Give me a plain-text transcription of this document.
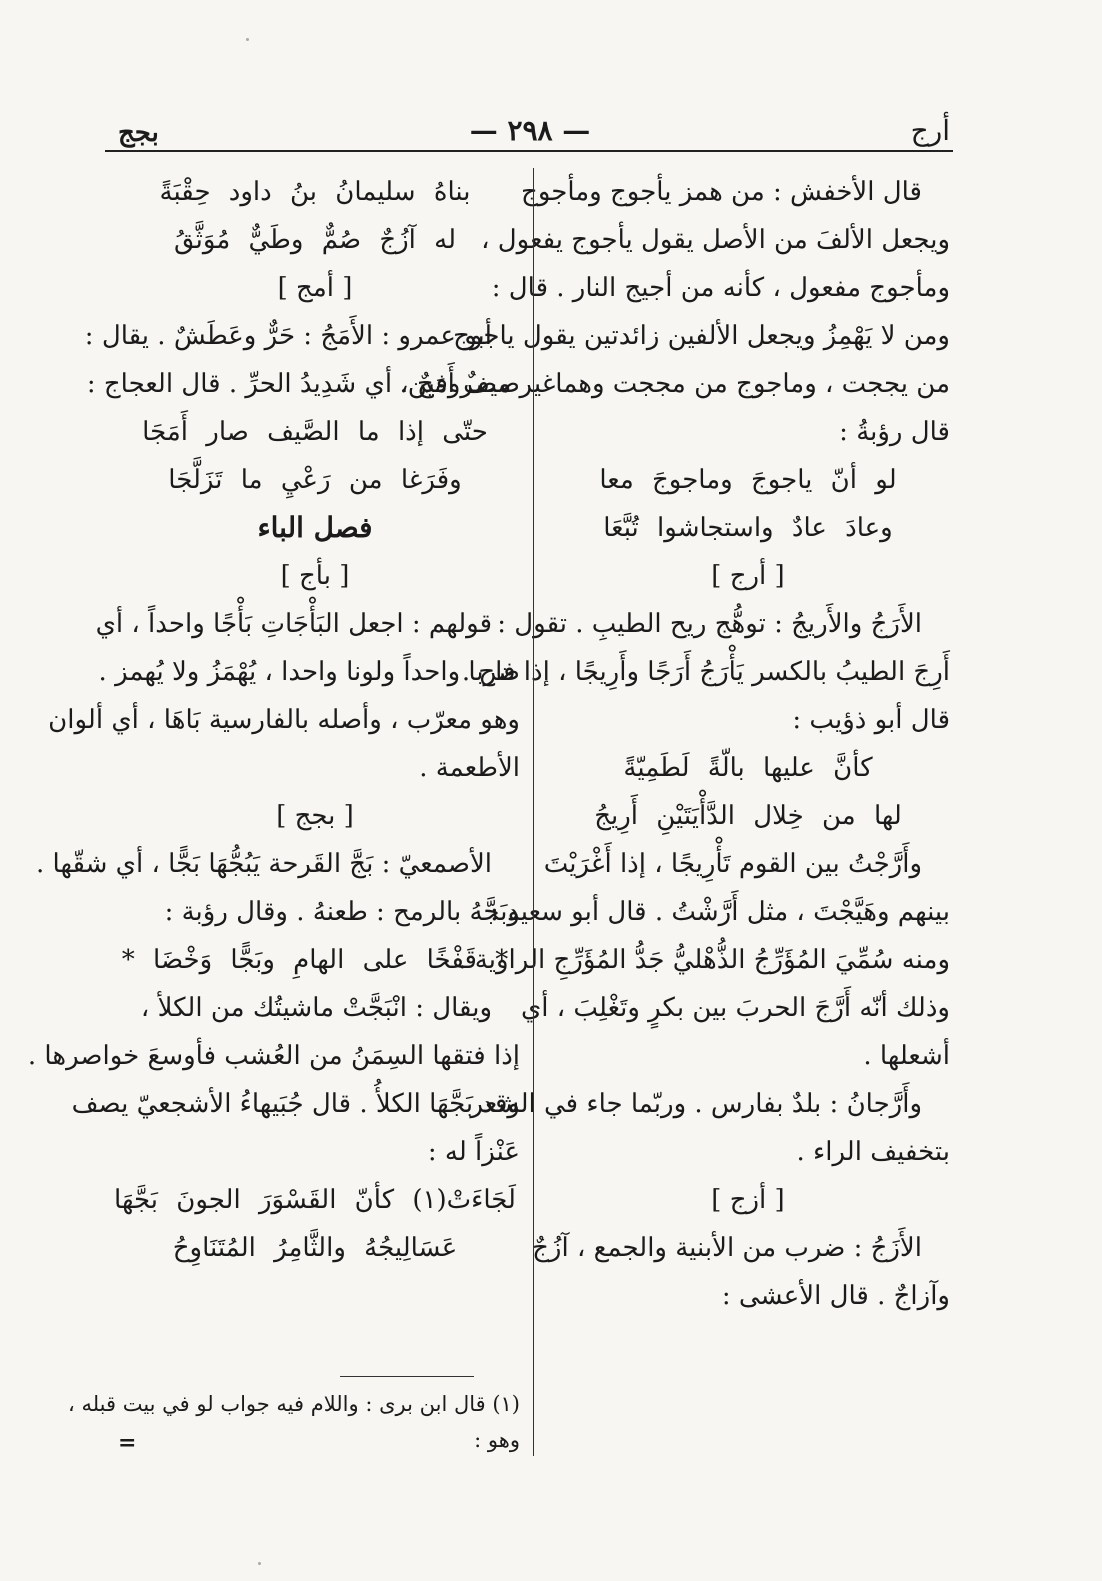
أرج
— ٢٩٨ —
بجج
قال الأخفش : من همز يأجوج ومأجوج
ويجعل الألفَ من الأصل يقول يأجوج يفعول ،
ومأجوج مفعول ، كأنه من أجيج النار . قال :
ومن لا يَهْمِزُ ويجعل الألفين زائدتين يقول ياجوج
من يججت ، وماجوج من مججت وهماغير مصروفين.
قال رؤبةُ :
لو أنّ ياجوجَ وماجوجَ معا
وعادَ عادٌ واستجاشوا تُبَّعَا
[ أرج ]
الأَرَجُ والأَريجُ : توهُّج ريح الطيبِ . تقول :
أَرِجَ الطيبُ بالكسر يَأْرَجُ أَرَجًا وأَرِيجًا ، إذا فاح .
قال أبو ذؤيب :
كأنَّ عليها بالّةً لَطَمِيّةً
لها من خِلال الدَّأْيَتَيْنِ أَرِيجُ
وأَرَّجْتُ بين القوم تَأْرِيجًا ، إذا أَغْرَيْتَ
بينهم وهَيَّجْتَ ، مثل أَرَّشْتُ . قال أبو سعيد :
ومنه سُمِّيَ المُؤَرِّجُ الذُّهْليُّ جَدُّ المُؤَرِّجِ الراوية .
وذلك أنّه أَرَّجَ الحربَ بين بكرٍ وتَغْلِبَ ، أي
أشعلها .
وأَرَّجانُ : بلدٌ بفارس . وربّما جاء في الشعر
بتخفيف الراء .
[ أزج ]
الأَزَجُ : ضرب من الأبنية والجمع ، آزُجٌ
وآزاجٌ . قال الأعشى :
بناهُ سليمانُ بنُ داود حِقْبَةً
له آزُجٌ صُمٌّ وطَيٌّ مُوَثَّقُ
[ أمج ]
أبو عمرو : الأَمَجُ : حَرٌّ وعَطَشٌ . يقال :
صيفٌ أَمَجٌ ، أي شَدِيدُ الحرِّ . قال العجاج :
حتّى إذا ما الصَّيف صار أَمَجَا
وفَرَغا من رَعْيِ ما تَزَلَّجَا
فصل الباء
[ بأج ]
قولهم : اجعل البَأْجَاتِ بَأْجًا واحداً ، أي
ضربا واحداً ولونا واحدا ، يُهْمَزُ ولا يُهمز .
وهو معرّب ، وأصله بالفارسية بَاهَا ، أي ألوان
الأطعمة .
[ بجج ]
الأصمعيّ : بَجَّ القَرحة يَبُجُّهَا بَجًّا ، أي شقّها .
وبَجَّهُ بالرمح : طعنهُ . وقال رؤبة :
* قَفْخًا على الهامِ وبَجًّا وَخْضَا *
ويقال : انْبَجَّتْ ماشيتُك من الكلأ ،
إذا فتقها السِمَنُ من العُشب فأوسعَ خواصرها .
وقد بَجَّهَا الكلأُ . قال جُبَيهاءُ الأشجعيّ يصف
عَنْزاً له :
لَجَاءَتْ(١) كأنّ القَسْوَرَ الجونَ بَجَّهَا
عَسَالِيجُهُ والثَّامِرُ المُتَنَاوِحُ
(١) قال ابن برى : واللام فيه جواب لو في بيت قبله ،
وهو :
=
